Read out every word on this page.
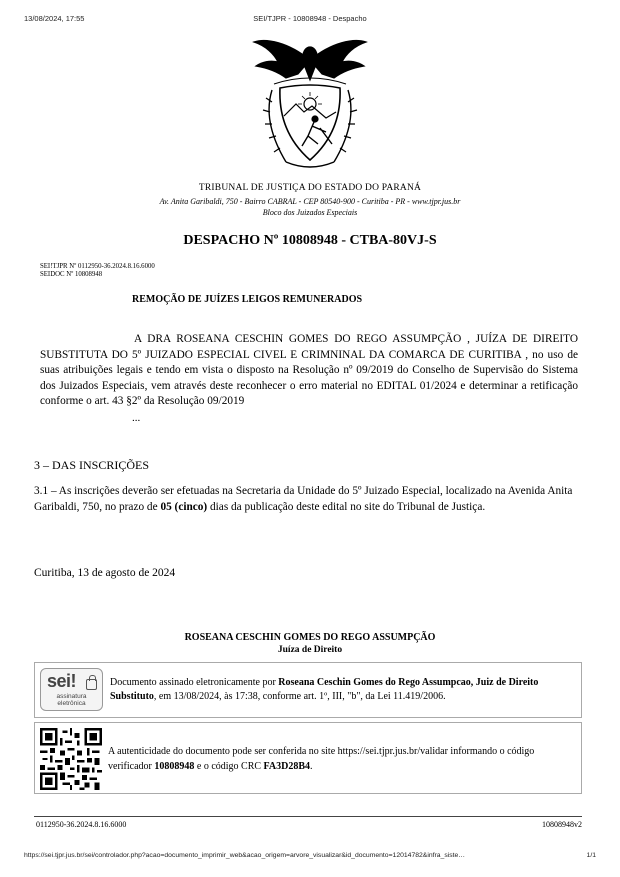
13/08/2024, 17:55	SEI/TJPR - 10808948 - Despacho
TRIBUNAL DE JUSTIÇA DO ESTADO DO PARANÁ
Av. Anita Garibaldi, 750 - Bairro CABRAL - CEP 80540-900 - Curitiba - PR - www.tjpr.jus.br
Bloco dos Juizados Especiais
DESPACHO Nº 10808948 - CTBA-80VJ-S
SEI!TJPR Nº 0112950-36.2024.8.16.6000
SEIDOC Nº 10808948
REMOÇÃO DE JUÍZES LEIGOS REMUNERADOS
A DRA ROSEANA CESCHIN GOMES DO REGO ASSUMPÇÃO , JUÍZA DE DIREITO SUBSTITUTA DO 5º JUIZADO ESPECIAL CIVEL E CRIMNINAL DA COMARCA DE CURITIBA , no uso de suas atribuições legais e tendo em vista o disposto na Resolução nº 09/2019 do Conselho de Supervisão do Sistema dos Juizados Especiais, vem através deste reconhecer o erro material no EDITAL 01/2024 e determinar a retificação conforme o art. 43 §2º da Resolução 09/2019
...
3 – DAS INSCRIÇÕES
3.1 – As inscrições deverão ser efetuadas na Secretaria da Unidade do 5º Juizado Especial, localizado na Avenida Anita Garibaldi, 750, no prazo de 05 (cinco) dias da publicação deste edital no site do Tribunal de Justiça.
Curitiba, 13 de agosto de 2024
ROSEANA CESCHIN GOMES DO REGO ASSUMPÇÃO
Juíza de Direito
sei!
assinatura
eletrônica
Documento assinado eletronicamente por Roseana Ceschin Gomes do Rego Assumpcao, Juiz de Direito Substituto, em 13/08/2024, às 17:38, conforme art. 1º, III, "b", da Lei 11.419/2006.
A autenticidade do documento pode ser conferida no site https://sei.tjpr.jus.br/validar informando o código verificador 10808948 e o código CRC FA3D28B4.
0112950-36.2024.8.16.6000	10808948v2
https://sei.tjpr.jus.br/sei/controlador.php?acao=documento_imprimir_web&acao_origem=arvore_visualizar&id_documento=12014782&infra_siste…	1/1
